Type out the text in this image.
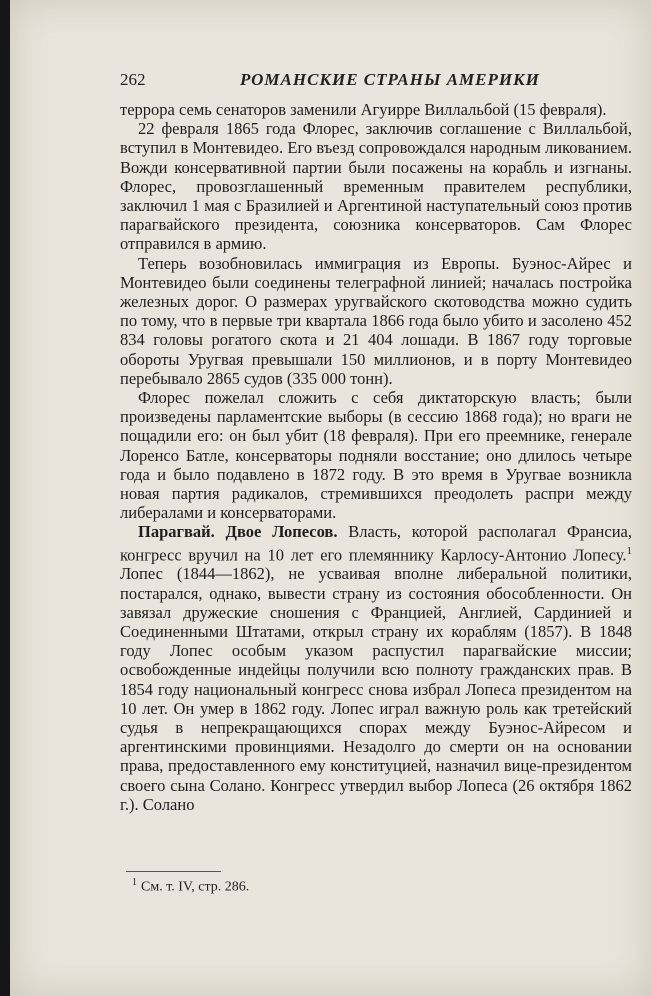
262	РОМАНСКИЕ СТРАНЫ АМЕРИКИ

террора семь сенаторов заменили Агуирре Виллальбой (15 февраля).

22 февраля 1865 года Флорес, заключив соглашение с Виллальбой, вступил в Монтевидео. Его въезд сопровождался народным ликованием. Вожди консервативной партии были посажены на корабль и изгнаны. Флорес, провозглашенный временным правителем республики, заключил 1 мая с Бразилией и Аргентиной наступательный союз против парагвайского президента, союзника консерваторов. Сам Флорес отправился в армию.

Теперь возобновилась иммиграция из Европы. Буэнос-Айрес и Монтевидео были соединены телеграфной линией; началась постройка железных дорог. О размерах уругвайского скотоводства можно судить по тому, что в первые три квартала 1866 года было убито и засолено 452 834 головы рогатого скота и 21 404 лошади. В 1867 году торговые обороты Уругвая превышали 150 миллионов, и в порту Монтевидео перебывало 2865 судов (335 000 тонн).

Флорес пожелал сложить с себя диктаторскую власть; были произведены парламентские выборы (в сессию 1868 года); но враги не пощадили его: он был убит (18 февраля). При его преемнике, генерале Лоренсо Батле, консерваторы подняли восстание; оно длилось четыре года и было подавлено в 1872 году. В это время в Уругвае возникла новая партия радикалов, стремившихся преодолеть распри между либералами и консерваторами.

Парагвай. Двое Лопесов. Власть, которой располагал Франсиа, конгресс вручил на 10 лет его племяннику Карлосу-Антонио Лопесу.$^1$ Лопес (1844—1862), не усваивая вполне либеральной политики, постарался, однако, вывести страну из состояния обособленности. Он завязал дружеские сношения с Францией, Англией, Сардинией и Соединенными Штатами, открыл страну их кораблям (1857). В 1848 году Лопес особым указом распустил парагвайские миссии; освобожденные индейцы получили всю полноту гражданских прав. В 1854 году национальный конгресс снова избрал Лопеса президентом на 10 лет. Он умер в 1862 году. Лопес играл важную роль как третейский судья в непрекращающихся спорах между Буэнос-Айресом и аргентинскими провинциями. Незадолго до смерти он на основании права, предоставленного ему конституцией, назначил вице-президентом своего сына Солано. Конгресс утвердил выбор Лопеса (26 октября 1862 г.). Солано

$^1$ См. т. IV, стр. 286.
